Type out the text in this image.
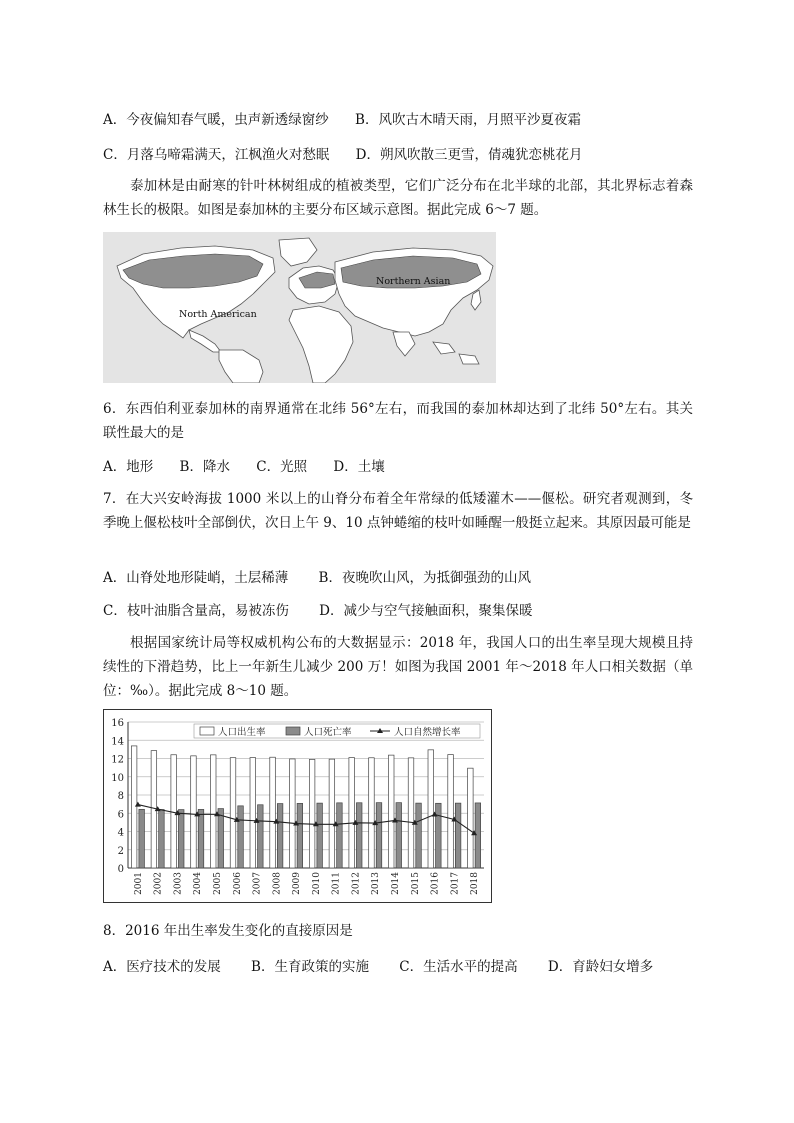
A．今夜偏知春气暖，虫声新透绿窗纱 B．风吹古木晴天雨，月照平沙夏夜霜
C．月落乌啼霜满天，江枫渔火对愁眠 D．朔风吹散三更雪，倩魂犹恋桃花月
泰加林是由耐寒的针叶林树组成的植被类型，它们广泛分布在北半球的北部，其北界标志着森林生长的极限。如图是泰加林的主要分布区域示意图。据此完成 6～7 题。
Northern Asian
North American
6．东西伯利亚泰加林的南界通常在北纬 56°左右，而我国的泰加林却达到了北纬 50°左右。其关联性最大的是
A．地形 B．降水 C．光照 D．土壤
7．在大兴安岭海拔 1000 米以上的山脊分布着全年常绿的低矮灌木——偃松。研究者观测到，冬季晚上偃松枝叶全部倒伏，次日上午 9、10 点钟蜷缩的枝叶如睡醒一般挺立起来。其原因最可能是
A．山脊处地形陡峭，土层稀薄 B．夜晚吹山风，为抵御强劲的山风
C．枝叶油脂含量高，易被冻伤 D．减少与空气接触面积，聚集保暖
根据国家统计局等权威机构公布的大数据显示：2018 年，我国人口的出生率呈现大规模且持续性的下滑趋势，比上一年新生儿减少 200 万！如图为我国 2001 年～2018 年人口相关数据（单位：‰）。据此完成 8～10 题。
0
2
4
6
8
10
12
14
16
2001 2002 2003 2004 2005 2006 2007 2008 2009 2010 2011 2012 2013 2014 2015 2016 2017 2018
人口出生率	人口死亡率	人口自然增长率
8．2016 年出生率发生变化的直接原因是
A．医疗技术的发展 B．生育政策的实施 C．生活水平的提高 D．育龄妇女增多
